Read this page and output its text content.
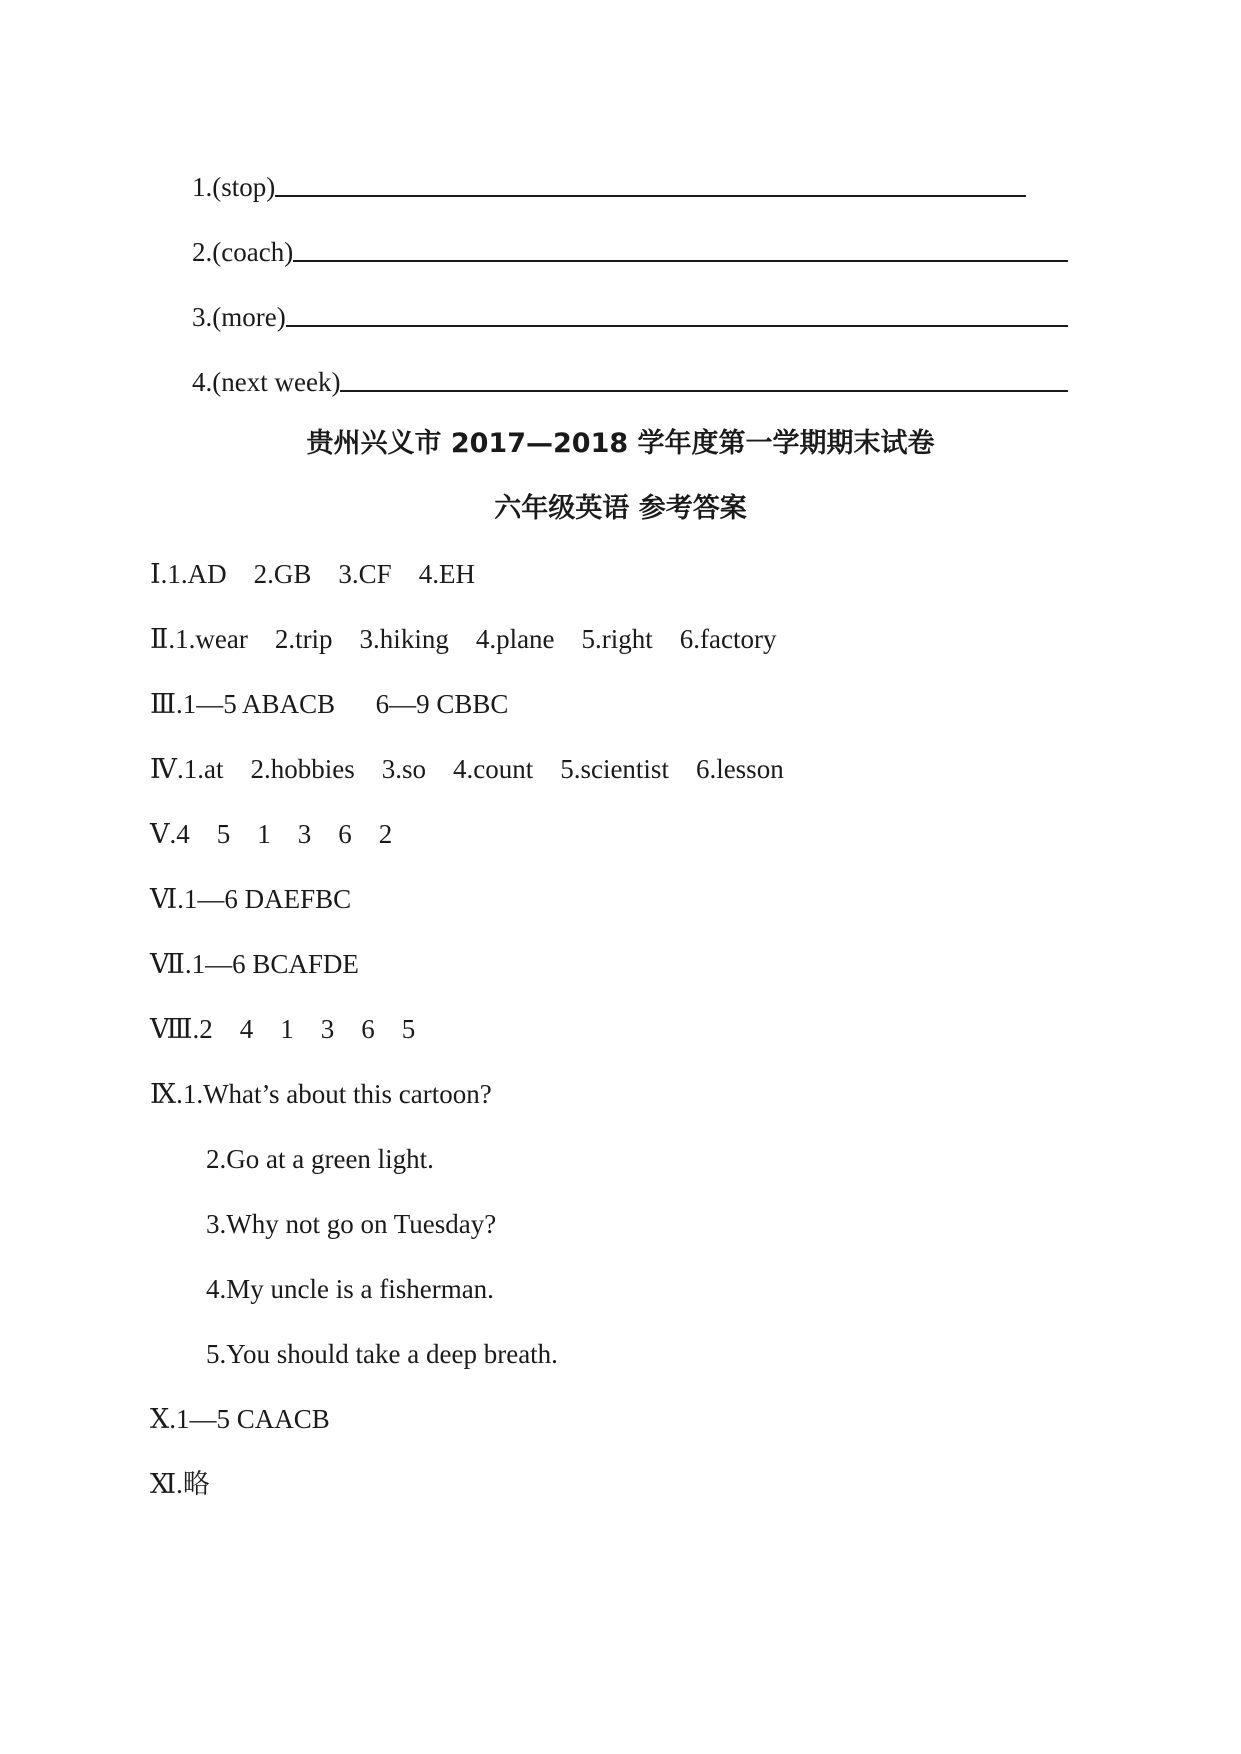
1.(stop)
2.(coach)
3.(more)
4.(next week)
贵州兴义市 2017—2018 学年度第一学期期末试卷
六年级英语 参考答案
Ⅰ.1.AD    2.GB    3.CF    4.EH
Ⅱ.1.wear    2.trip    3.hiking    4.plane    5.right    6.factory
Ⅲ.1—5 ABACB      6—9 CBBC
Ⅳ.1.at    2.hobbies    3.so    4.count    5.scientist    6.lesson
Ⅴ.4    5    1    3    6    2
Ⅵ.1—6 DAEFBC
Ⅶ.1—6 BCAFDE
Ⅷ.2    4    1    3    6    5
Ⅸ.1.What’s about this cartoon?
2.Go at a green light.
3.Why not go on Tuesday?
4.My uncle is a fisherman.
5.You should take a deep breath.
Ⅹ.1—5 CAACB
Ⅺ.略
